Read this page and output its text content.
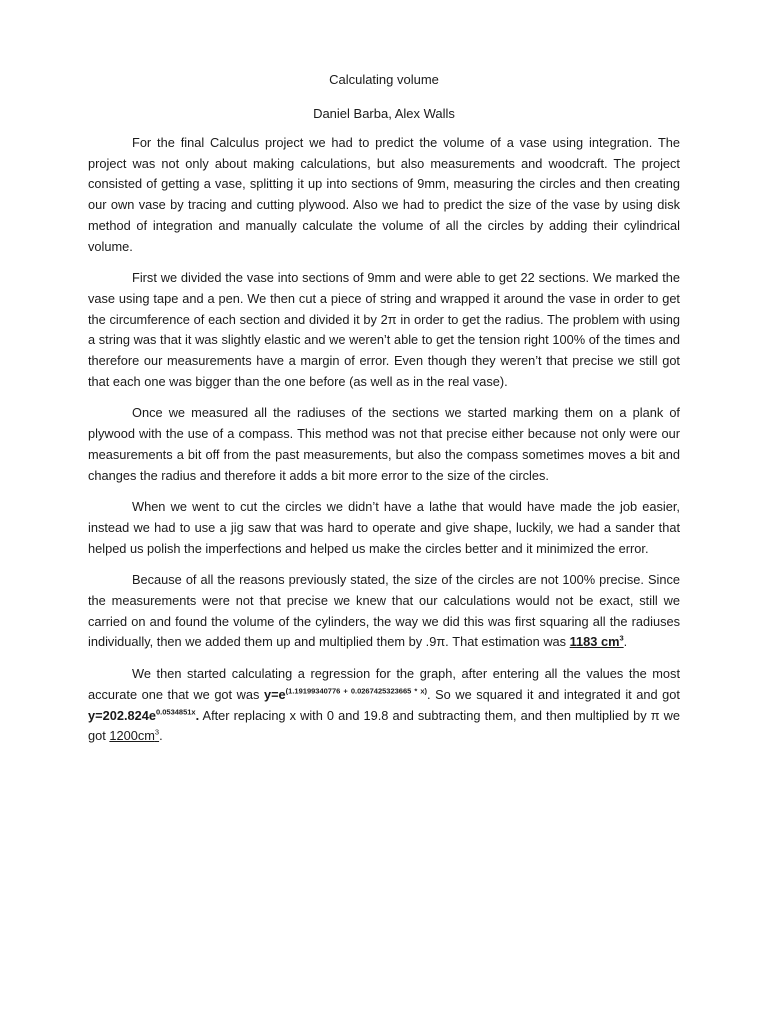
Calculating volume

Daniel Barba, Alex Walls

For the final Calculus project we had to predict the volume of a vase using integration. The project was not only about making calculations, but also measurements and woodcraft. The project consisted of getting a vase, splitting it up into sections of 9mm, measuring the circles and then creating our own vase by tracing and cutting plywood. Also we had to predict the size of the vase by using disk method of integration and manually calculate the volume of all the circles by adding their cylindrical volume.

First we divided the vase into sections of 9mm and were able to get 22 sections. We marked the vase using tape and a pen. We then cut a piece of string and wrapped it around the vase in order to get the circumference of each section and divided it by 2π in order to get the radius. The problem with using a string was that it was slightly elastic and we weren’t able to get the tension right 100% of the times and therefore our measurements have a margin of error. Even though they weren’t that precise we still got that each one was bigger than the one before (as well as in the real vase).

Once we measured all the radiuses of the sections we started marking them on a plank of plywood with the use of a compass. This method was not that precise either because not only were our measurements a bit off from the past measurements, but also the compass sometimes moves a bit and changes the radius and therefore it adds a bit more error to the size of the circles.

When we went to cut the circles we didn’t have a lathe that would have made the job easier, instead we had to use a jig saw that was hard to operate and give shape, luckily, we had a sander that helped us polish the imperfections and helped us make the circles better and it minimized the error.

Because of all the reasons previously stated, the size of the circles are not 100% precise. Since the measurements were not that precise we knew that our calculations would not be exact, still we carried on and found the volume of the cylinders, the way we did this was first squaring all the radiuses individually, then we added them up and multiplied them by .9π. That estimation was 1183 $cm^3$.

We then started calculating a regression for the graph, after entering all the values the most accurate one that we got was $y=e^{(1.19199340776 + 0.0267425323665 * x)}$. So we squared it and integrated it and got $y=202.824e^{0.0534851x}$. After replacing x with 0 and 19.8 and subtracting them, and then multiplied by π we got $1200cm^3$.
